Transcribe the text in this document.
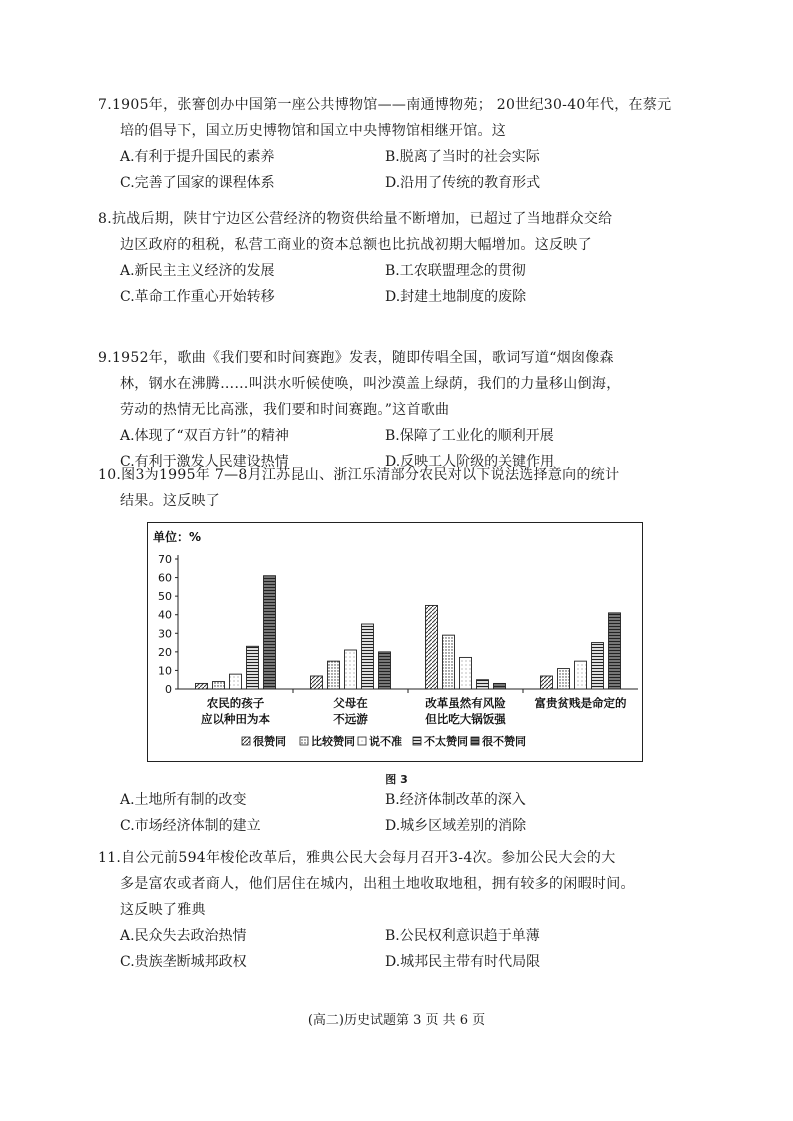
7.1905年，张謇创办中国第一座公共博物馆——南通博物苑； 20世纪30-40年代，在蔡元

培的倡导下，国立历史博物馆和国立中央博物馆相继开馆。这
A.有利于提升国民的素养	B.脱离了当时的社会实际
C.完善了国家的课程体系	D.沿用了传统的教育形式
8.抗战后期，陕甘宁边区公营经济的物资供给量不断增加，已超过了当地群众交给

边区政府的租税，私营工商业的资本总额也比抗战初期大幅增加。这反映了
A.新民主主义经济的发展	B.工农联盟理念的贯彻
C.革命工作重心开始转移	D.封建土地制度的废除
9.1952年，歌曲《我们要和时间赛跑》发表，随即传唱全国，歌词写道“烟囱像森

林，钢水在沸腾……叫洪水听候使唤，叫沙漠盖上绿荫，我们的力量移山倒海，
劳动的热情无比高涨，我们要和时间赛跑。”这首歌曲
A.体现了“双百方针”的精神	B.保障了工业化的顺利开展
C.有利于激发人民建设热情	D.反映工人阶级的关键作用
10.图3为1995年 7—8月江苏昆山、浙江乐清部分农民对以下说法选择意向的统计

结果。这反映了
A.土地所有制的改变	B.经济体制改革的深入
C.市场经济体制的建立	D.城乡区域差别的消除
11.自公元前594年梭伦改革后，雅典公民大会每月召开3-4次。参加公民大会的大

多是富农或者商人，他们居住在城内，出租土地收取地租，拥有较多的闲暇时间。
这反映了雅典
A.民众失去政治热情	B.公民权利意识趋于单薄
C.贵族垄断城邦政权	D.城邦民主带有时代局限
单位：%
0
10
20
30
40
50
60
70
农民的孩子
应以种田为本
父母在
不远游
改革虽然有风险
但比吃大锅饭强
富贵贫贱是命定的
很赞同 比较赞同 说不准 不太赞同 很不赞同
图 3
(高二)历史试题第 3 页 共 6 页
